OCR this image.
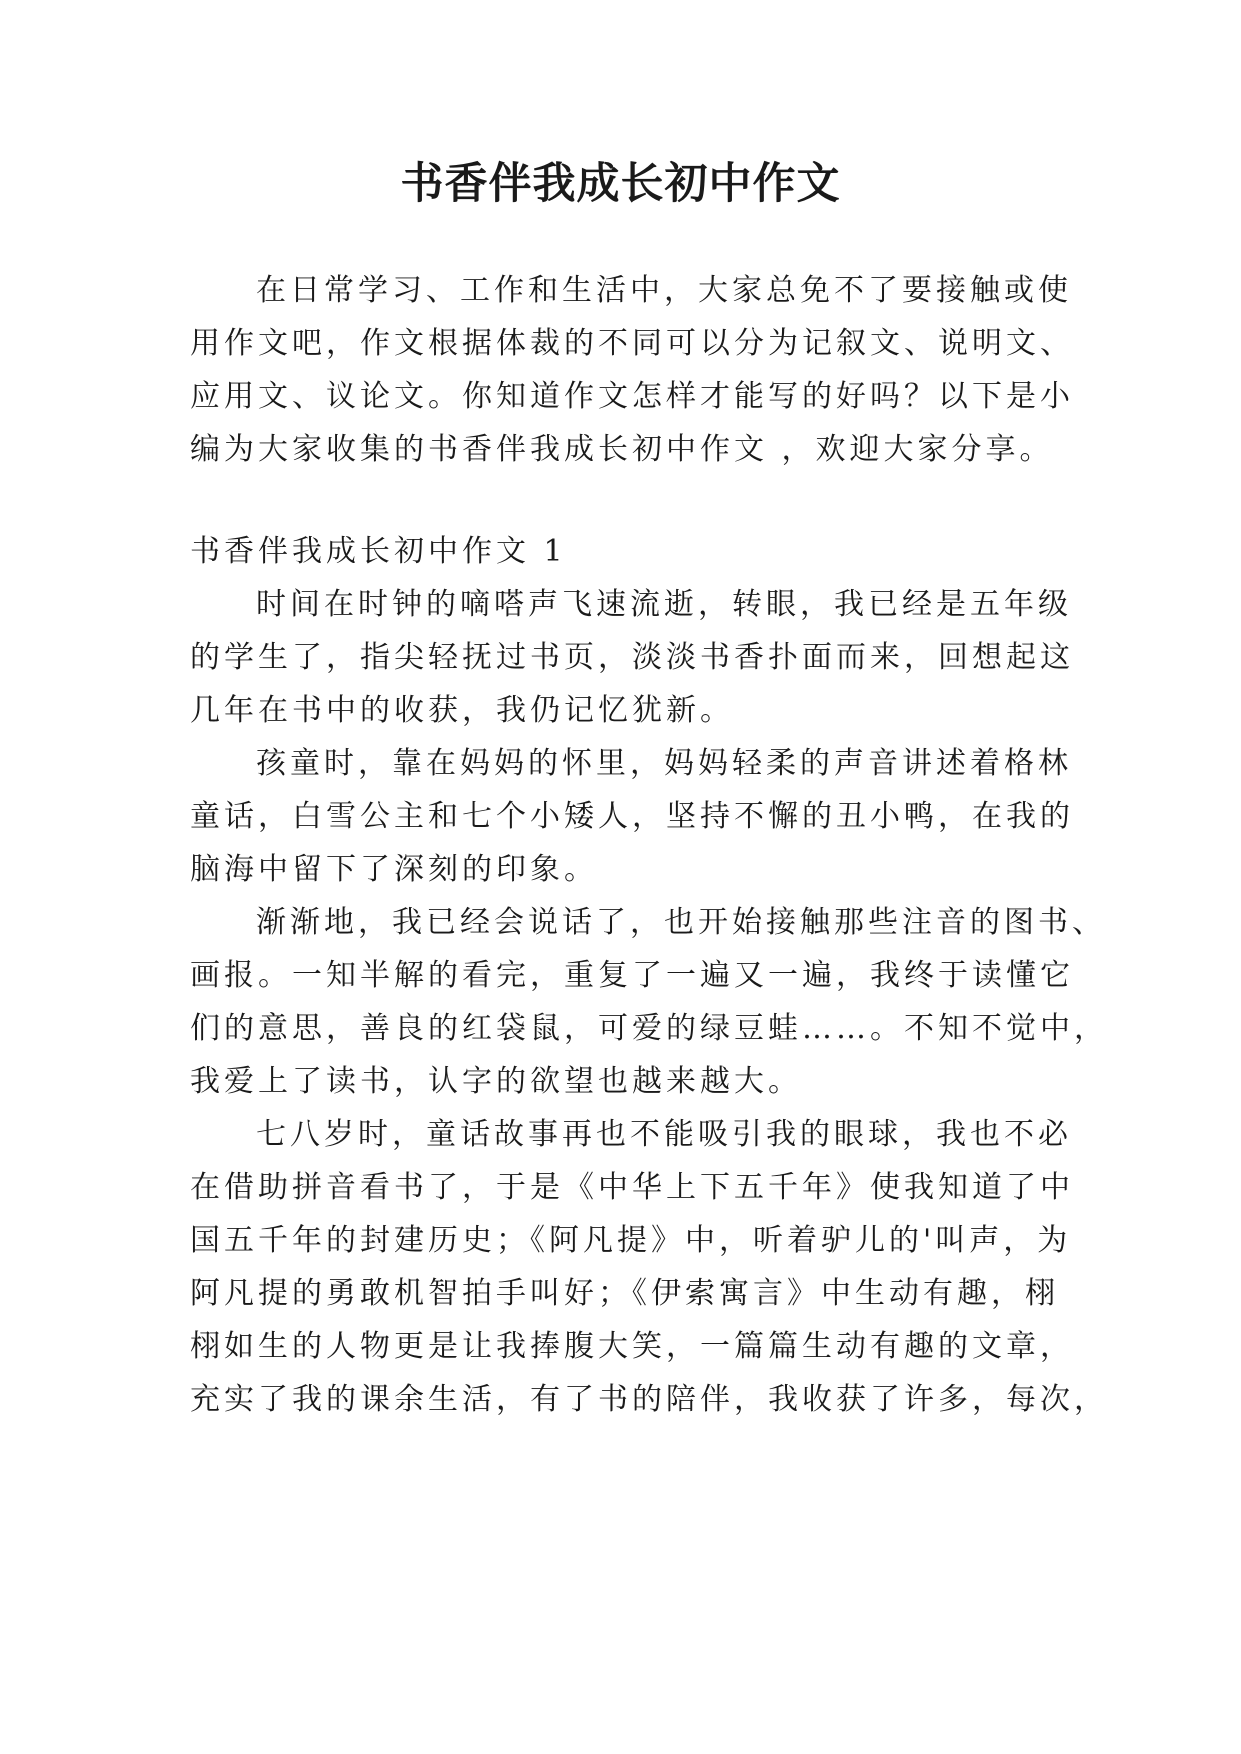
书香伴我成长初中作文

在日常学习、工作和生活中，大家总免不了要接触或使

用作文吧，作文根据体裁的不同可以分为记叙文、说明文、

应用文、议论文。你知道作文怎样才能写的好吗？以下是小

编为大家收集的书香伴我成长初中作文 ，欢迎大家分享。

书香伴我成长初中作文 1

时间在时钟的嘀嗒声飞速流逝，转眼，我已经是五年级

的学生了，指尖轻抚过书页，淡淡书香扑面而来，回想起这

几年在书中的收获，我仍记忆犹新。

孩童时，靠在妈妈的怀里，妈妈轻柔的声音讲述着格林

童话，白雪公主和七个小矮人，坚持不懈的丑小鸭，在我的

脑海中留下了深刻的印象。

渐渐地，我已经会说话了，也开始接触那些注音的图书、

画报。一知半解的看完，重复了一遍又一遍，我终于读懂它

们的意思，善良的红袋鼠，可爱的绿豆蛙……。不知不觉中，

我爱上了读书，认字的欲望也越来越大。

七八岁时，童话故事再也不能吸引我的眼球，我也不必

在借助拼音看书了，于是《中华上下五千年》使我知道了中

国五千年的封建历史；《阿凡提》中，听着驴儿的'叫声，为

阿凡提的勇敢机智拍手叫好；《伊索寓言》中生动有趣，栩

栩如生的人物更是让我捧腹大笑，一篇篇生动有趣的文章，

充实了我的课余生活，有了书的陪伴，我收获了许多，每次，
